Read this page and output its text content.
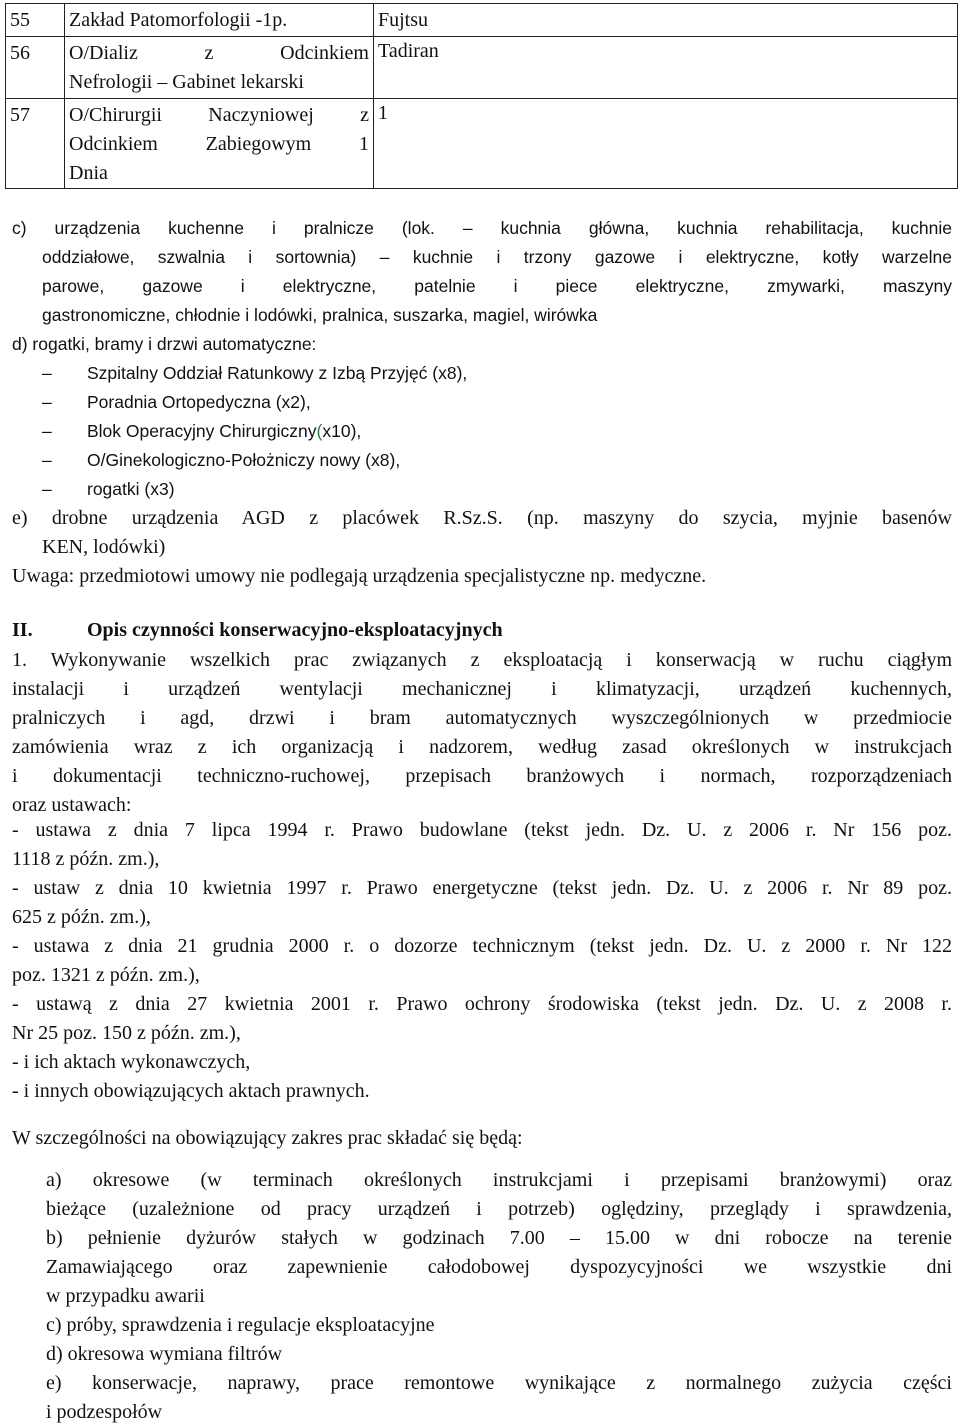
55	Zakład Patomorfologii -1p.	Fujtsu
56	O/Dializ z Odcinkiem
Nefrologii – Gabinet lekarski	Tadiran
57	O/Chirurgii Naczyniowej z
Odcinkiem Zabiegowym 1
Dnia	1
c) urządzenia kuchenne i pralnicze (lok. – kuchnia główna, kuchnia rehabilitacja, kuchnie
oddziałowe, szwalnia i sortownia) – kuchnie i trzony gazowe i elektryczne, kotły warzelne
parowe, gazowe i elektryczne, patelnie i piece elektryczne, zmywarki, maszyny
gastronomiczne, chłodnie i lodówki, pralnica, suszarka, magiel, wirówka
d) rogatki, bramy i drzwi automatyczne:
– Szpitalny Oddział Ratunkowy z Izbą Przyjęć (x8),
– Poradnia Ortopedyczna (x2),
– Blok Operacyjny Chirurgiczny(x10),
– O/Ginekologiczno-Położniczy nowy (x8),
– rogatki (x3)
e) drobne urządzenia AGD z placówek R.Sz.S. (np. maszyny do szycia, myjnie basenów
KEN, lodówki)
Uwaga: przedmiotowi umowy nie podlegają urządzenia specjalistyczne np. medyczne.
II.	Opis czynności konserwacyjno-eksploatacyjnych
1. Wykonywanie wszelkich prac związanych z eksploatacją i konserwacją w ruchu ciągłym
instalacji i urządzeń wentylacji mechanicznej i klimatyzacji, urządzeń kuchennych,
pralniczych i agd, drzwi i bram automatycznych wyszczególnionych w przedmiocie
zamówienia wraz z ich organizacją i nadzorem, według zasad określonych w instrukcjach
i dokumentacji techniczno-ruchowej, przepisach branżowych i normach, rozporządzeniach
oraz ustawach:
- ustawa z dnia 7 lipca 1994 r. Prawo budowlane (tekst jedn. Dz. U. z 2006 r. Nr 156 poz.
1118 z późn. zm.),
- ustaw z dnia 10 kwietnia 1997 r. Prawo energetyczne (tekst jedn. Dz. U. z 2006 r. Nr 89 poz.
625 z późn. zm.),
- ustawa z dnia 21 grudnia 2000 r. o dozorze technicznym (tekst jedn. Dz. U. z 2000 r. Nr 122
poz. 1321 z późn. zm.),
- ustawą z dnia 27 kwietnia 2001 r. Prawo ochrony środowiska (tekst jedn. Dz. U. z 2008 r.
Nr 25 poz. 150 z późn. zm.),
- i ich aktach wykonawczych,
- i innych obowiązujących aktach prawnych.
W szczególności na obowiązujący zakres prac składać się będą:
a) okresowe (w terminach określonych instrukcjami i przepisami branżowymi) oraz
bieżące (uzależnione od pracy urządzeń i potrzeb) oględziny, przeglądy i sprawdzenia,
b) pełnienie dyżurów stałych w godzinach 7.00 – 15.00 w dni robocze na terenie
Zamawiającego oraz zapewnienie całodobowej dyspozycyjności we wszystkie dni
w przypadku awarii
c) próby, sprawdzenia i regulacje eksploatacyjne
d) okresowa wymiana filtrów
e) konserwacje, naprawy, prace remontowe wynikające z normalnego zużycia części
i podzespołów
